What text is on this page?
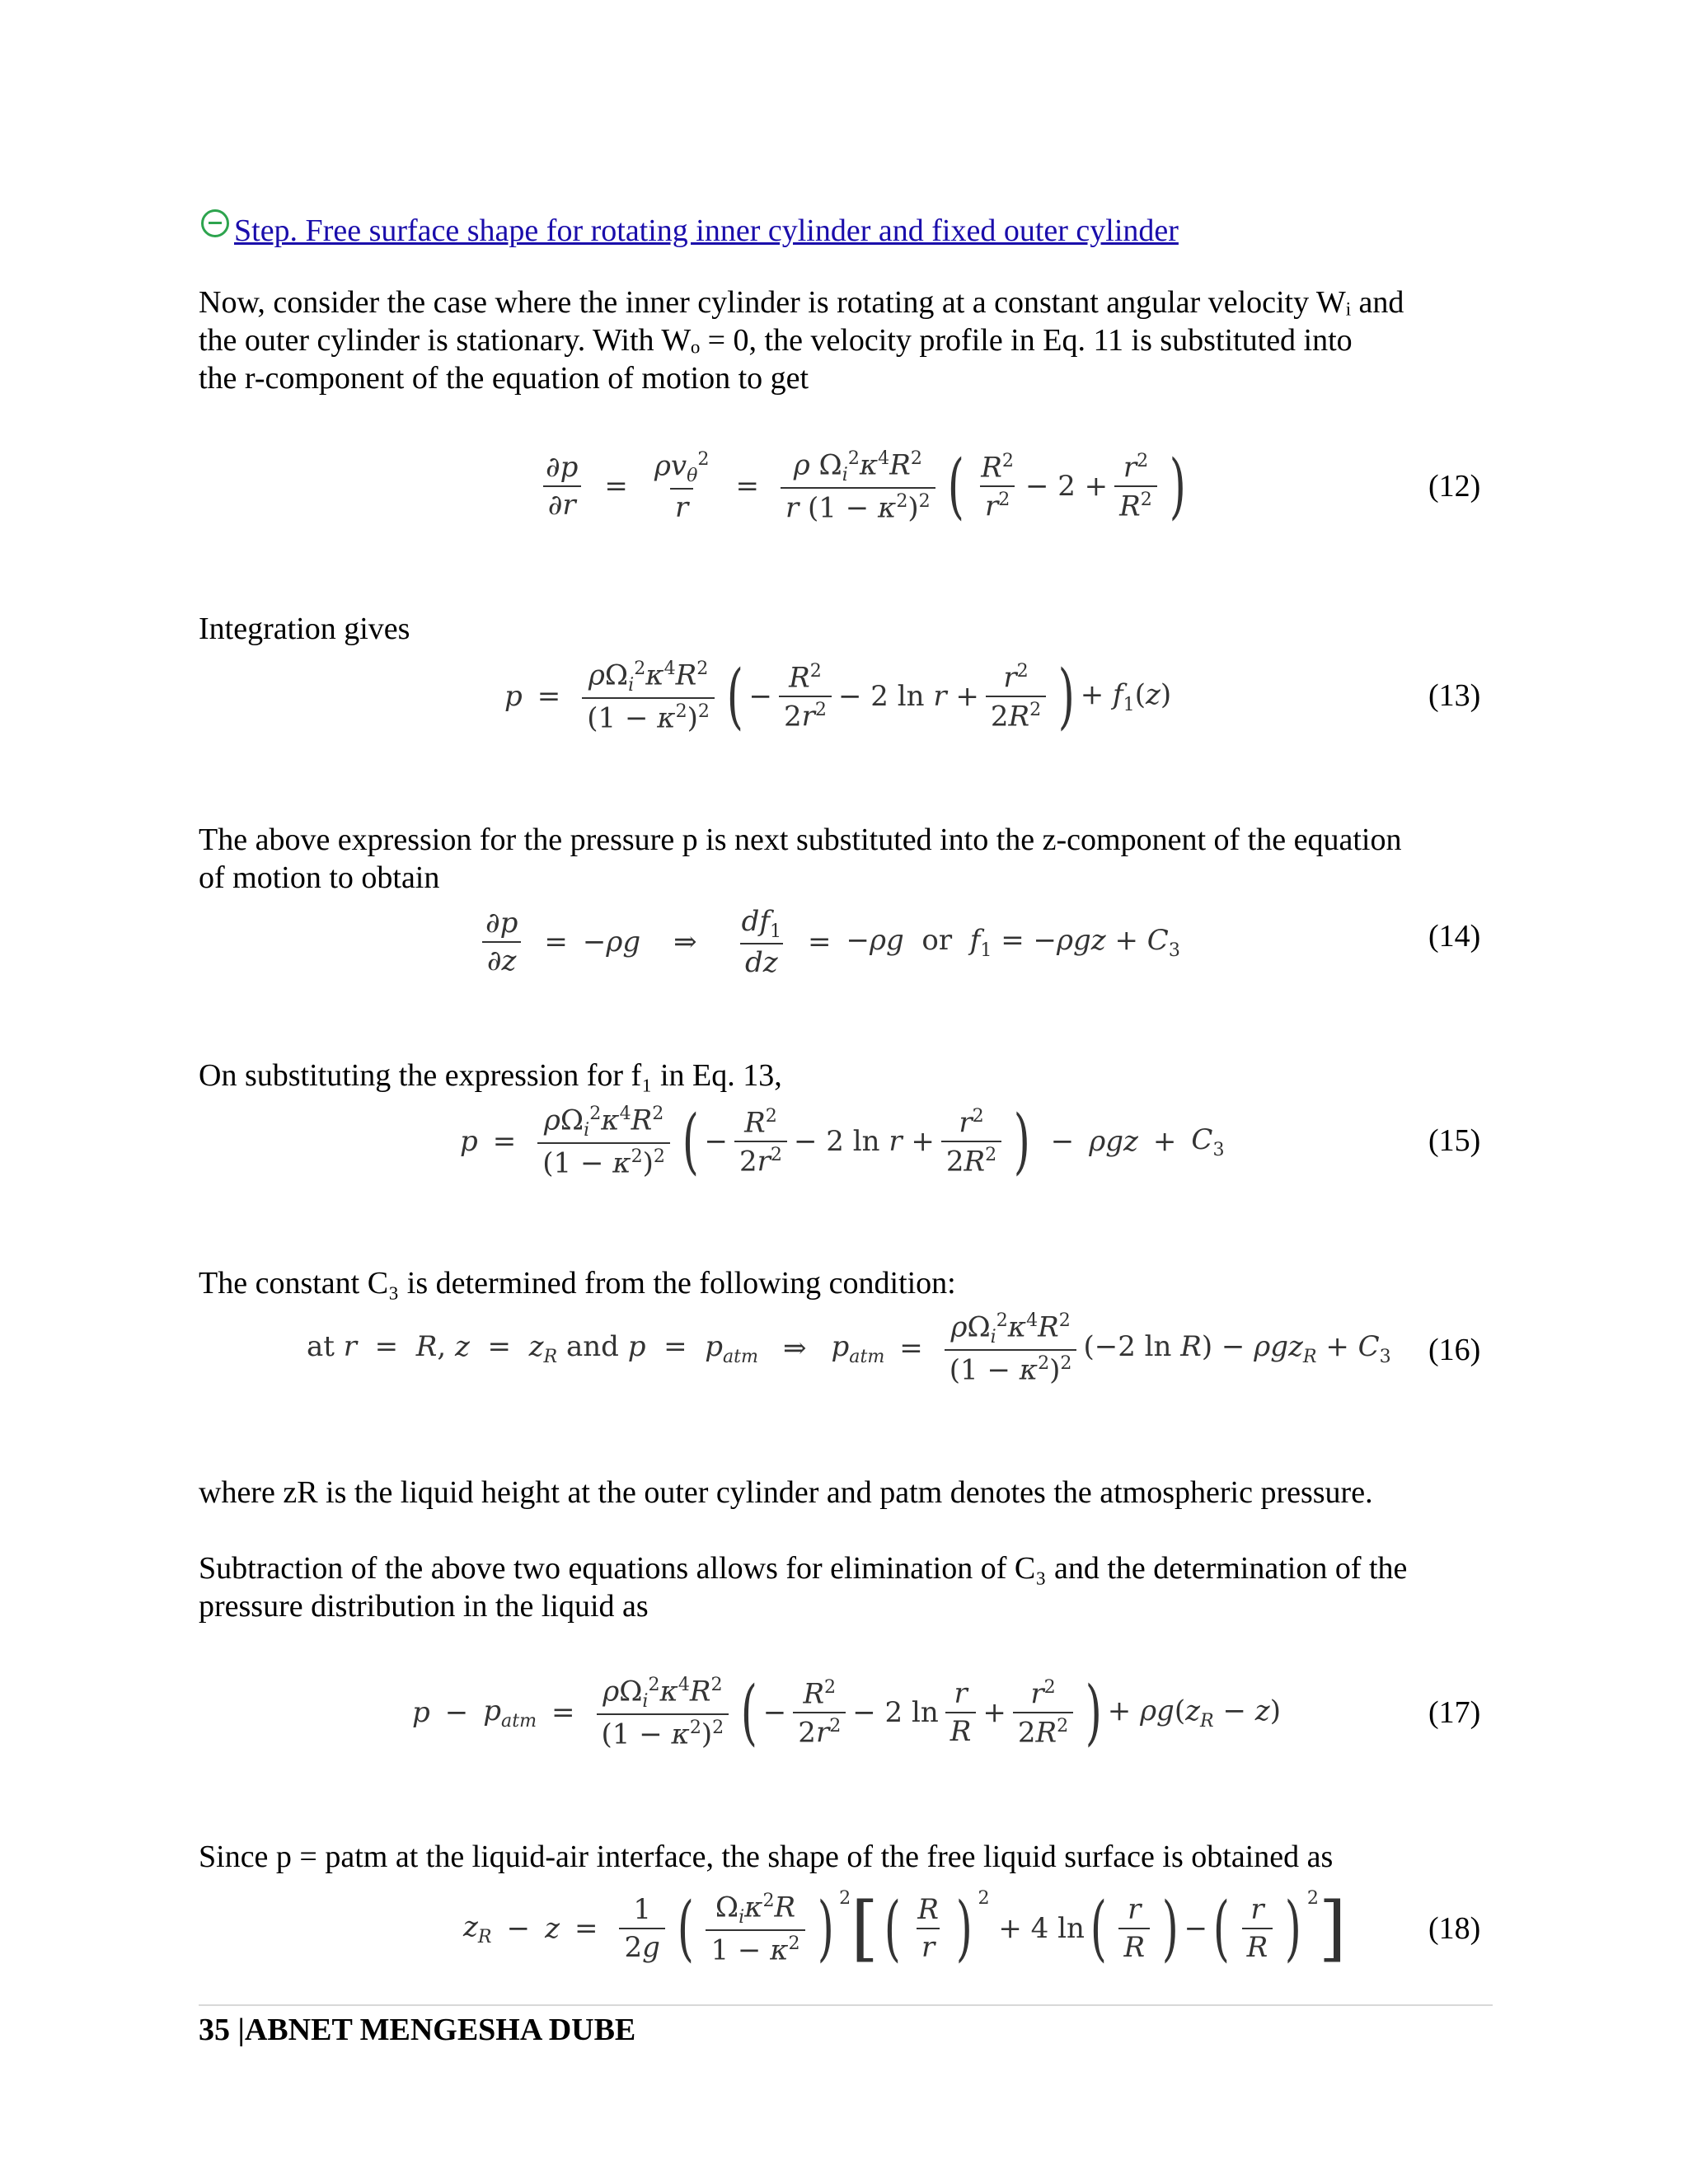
Step. Free surface shape for rotating inner cylinder and fixed outer cylinder
Now, consider the case where the inner cylinder is rotating at a constant angular velocity Wᵢ and
the outer cylinder is stationary. With Wₒ = 0, the velocity profile in Eq. 11 is substituted into
the r-component of the equation of motion to get
$\frac{\partial p}{\partial r} = \frac{\rho v_\theta^2}{r} = \frac{\rho \Omega_i^2\kappa^4R^2}{r (1 - \kappa^2)^2}$ ( $\frac{R^2}{r^2} - 2 + \frac{r^2}{R^2}$ )	(12)
Integration gives
$p = \frac{\rho\Omega_i^2\kappa^4R^2}{(1 - \kappa^2)^2}$ ( − $\frac{R^2}{2r^2} - 2$ $\ln r + \frac{r^2}{2R^2}$ ) + $f_1(z)$	(13)
The above expression for the pressure p is next substituted into the z-component of the equation
of motion to obtain
$\frac{\partial p}{\partial z} = -\rho g$ ⇒ $\frac{df_1}{dz} = -\rho g$  or  $f_1 = -\rho gz + C_3$	(14)
On substituting the expression for f₁ in Eq. 13,
$p = \frac{\rho\Omega_i^2\kappa^4R^2}{(1 - \kappa^2)^2}$ ( − $\frac{R^2}{2r^2} - 2$ $\ln r + \frac{r^2}{2R^2}$ ) − $\rho gz + C_3$	(15)
The constant C₃ is determined from the following condition:
at r  =  R, $z = z_R$ and $p = p_{atm}$ ⇒ $p_{atm} = \frac{\rho\Omega_i^2\kappa^4R^2}{(1 - \kappa^2)^2} (-2$ $\ln R) - \rho gz_R + C_3$ (16)
where zR is the liquid height at the outer cylinder and patm denotes the atmospheric pressure.
Subtraction of the above two equations allows for elimination of C₃ and the determination of the
pressure distribution in the liquid as
$p - p_{atm} = \frac{\rho\Omega_i^2\kappa^4R^2}{(1 - \kappa^2)^2}$ ( − $\frac{R^2}{2r^2} - 2$ $\ln \frac{r}{R} + \frac{r^2}{2R^2}$ ) + $\rho g(z_R - z)$	(17)
Since p = patm at the liquid-air interface, the shape of the free liquid surface is obtained as
$z_R - z = \frac{1}{2g}$ ( $\frac{\Omega_i\kappa^2R}{1 - \kappa^2}$ ) $^2$ [ ( $\frac{R}{r}$ ) $^2$
+ 4 ln ( $\frac{r}{R}$ ) − ( $\frac{r}{R}$ ) $^2$ ]	(18)
35 |ABNET MENGESHA DUBE
